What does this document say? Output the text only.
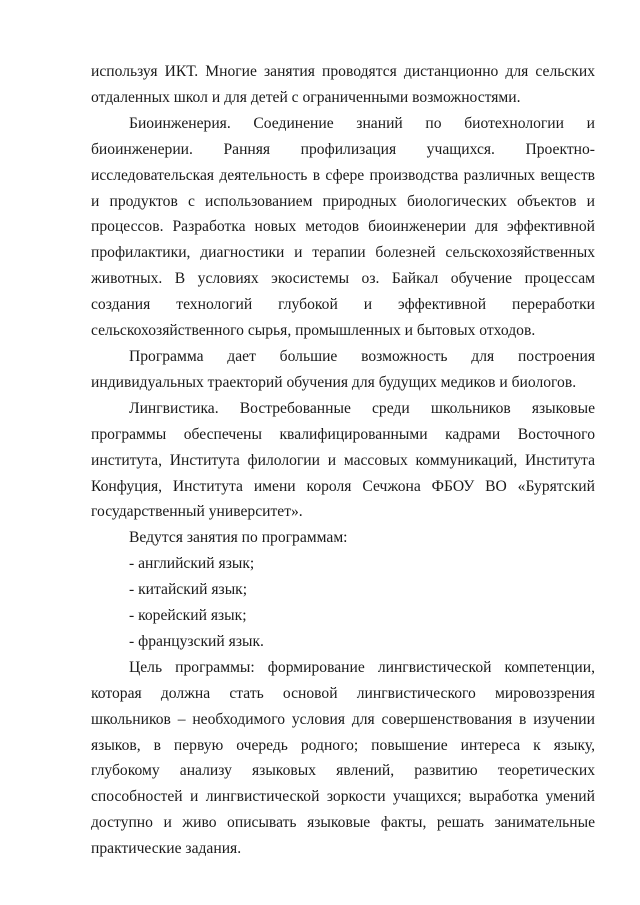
используя ИКТ. Многие занятия проводятся дистанционно для сельских отдаленных школ и для детей с ограниченными возможностями.

Биоинженерия. Соединение знаний по биотехнологии и биоинженерии. Ранняя профилизация учащихся. Проектно-исследовательская деятельность в сфере производства различных веществ и продуктов с использованием природных биологических объектов и процессов. Разработка новых методов биоинженерии для эффективной профилактики, диагностики и терапии болезней сельскохозяйственных животных. В условиях экосистемы оз. Байкал обучение процессам создания технологий глубокой и эффективной переработки сельскохозяйственного сырья, промышленных и бытовых отходов.

Программа дает большие возможность для построения индивидуальных траекторий обучения для будущих медиков и биологов.

Лингвистика. Востребованные среди школьников языковые программы обеспечены квалифицированными кадрами Восточного института, Института филологии и массовых коммуникаций, Института Конфуция, Института имени короля Сечжона ФБОУ ВО «Бурятский государственный университет».

Ведутся занятия по программам:

- английский язык;

- китайский язык;

- корейский язык;

- французский язык.

Цель программы: формирование лингвистической компетенции, которая должна стать основой лингвистического мировоззрения школьников – необходимого условия для совершенствования в изучении языков, в первую очередь родного; повышение интереса к языку, глубокому анализу языковых явлений, развитию теоретических способностей и лингвистической зоркости учащихся; выработка умений доступно и живо описывать языковые факты, решать занимательные практические задания.
